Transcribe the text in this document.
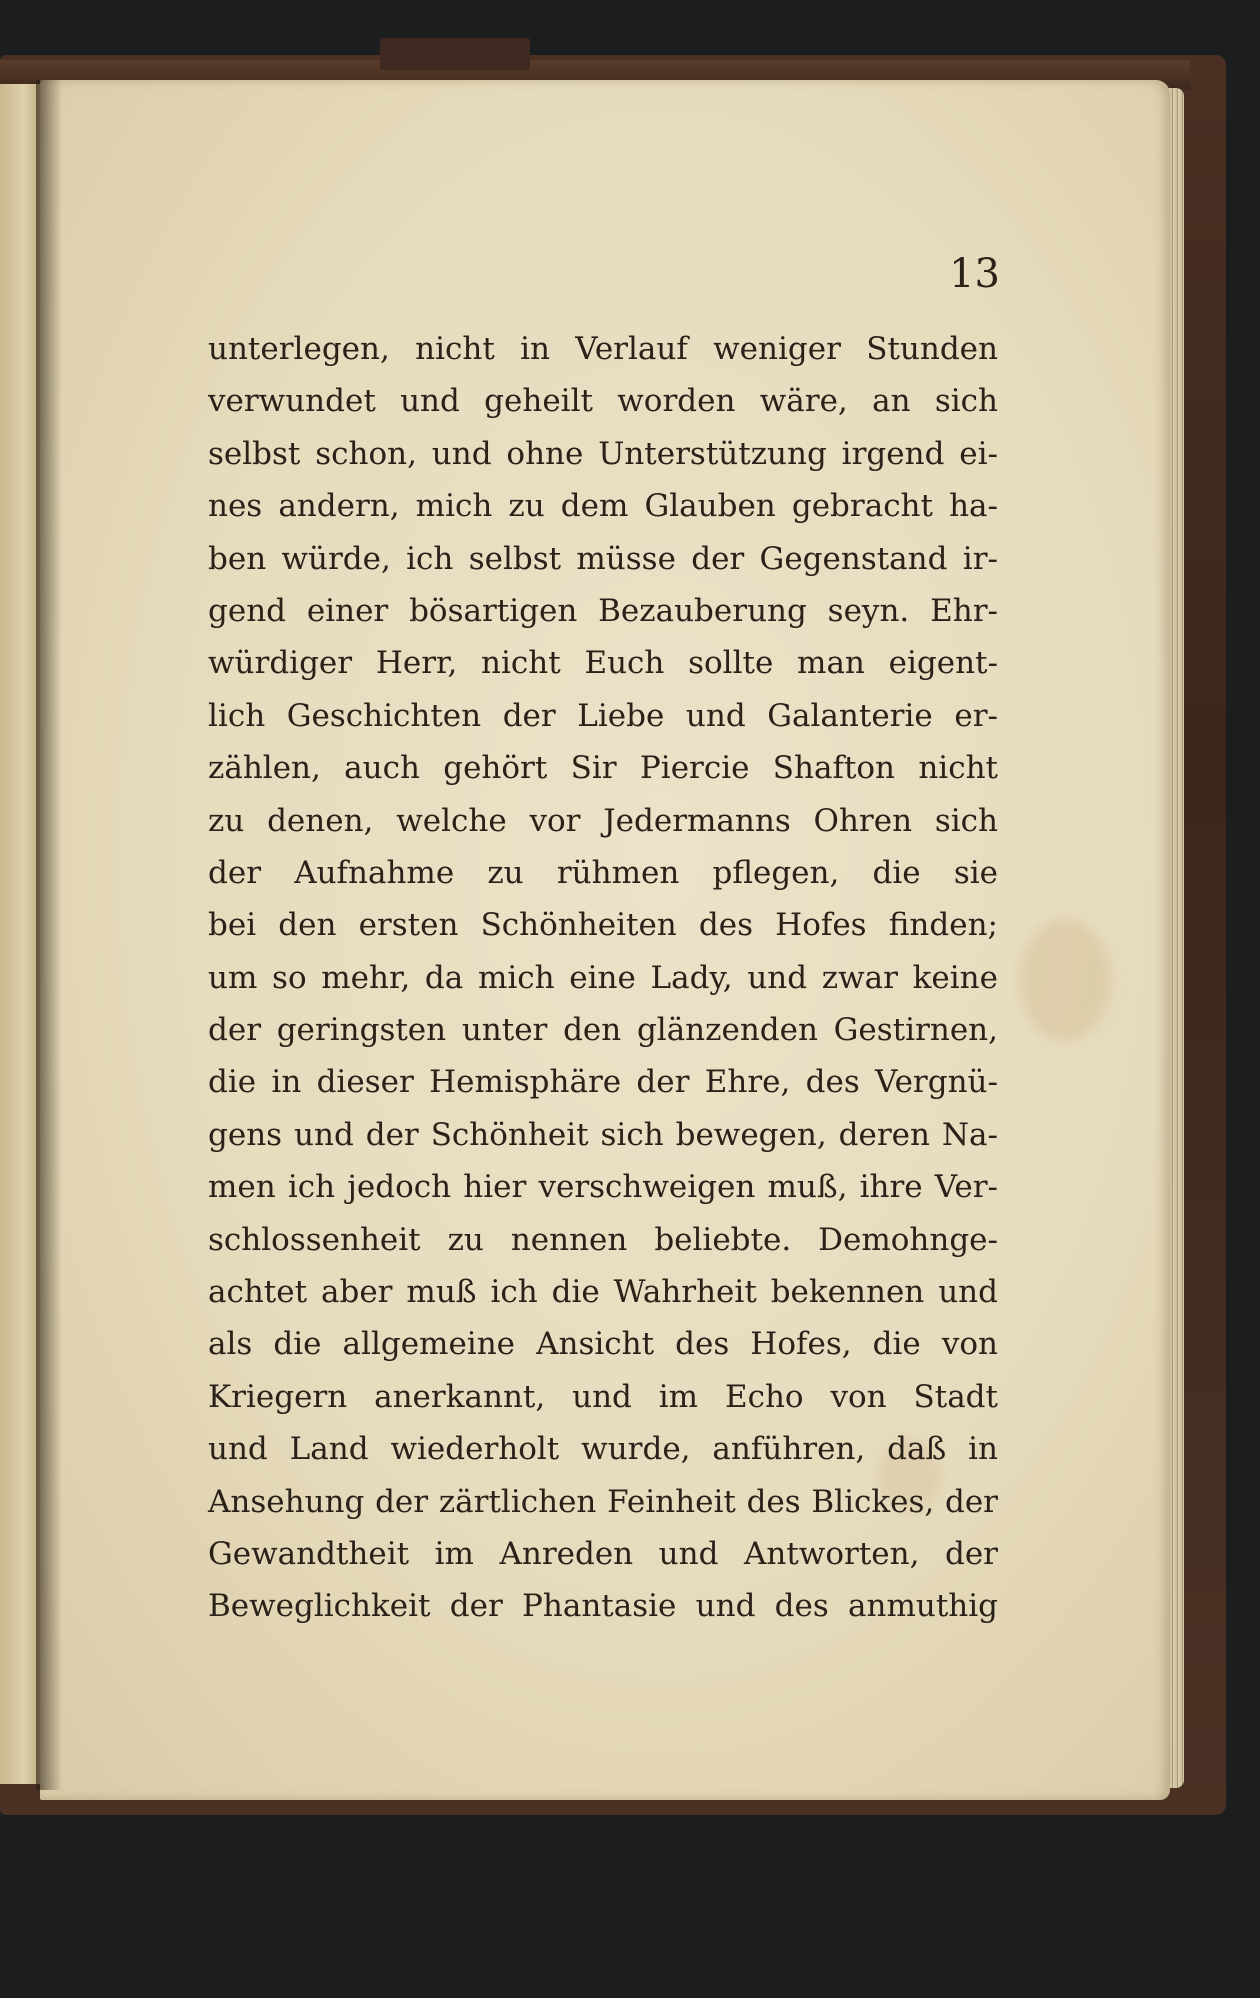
13
unterlegen, nicht in Verlauf weniger Stunden
verwundet und geheilt worden wäre, an sich
selbst schon, und ohne Unterstützung irgend ei-
nes andern, mich zu dem Glauben gebracht ha-
ben würde, ich selbst müsse der Gegenstand ir-
gend einer bösartigen Bezauberung seyn. Ehr-
würdiger Herr, nicht Euch sollte man eigent-
lich Geschichten der Liebe und Galanterie er-
zählen, auch gehört Sir Piercie Shafton nicht
zu denen, welche vor Jedermanns Ohren sich
der Aufnahme zu rühmen pflegen, die sie
bei den ersten Schönheiten des Hofes finden;
um so mehr, da mich eine Lady, und zwar keine
der geringsten unter den glänzenden Gestirnen,
die in dieser Hemisphäre der Ehre, des Vergnü-
gens und der Schönheit sich bewegen, deren Na-
men ich jedoch hier verschweigen muß, ihre Ver-
schlossenheit zu nennen beliebte. Demohnge-
achtet aber muß ich die Wahrheit bekennen und
als die allgemeine Ansicht des Hofes, die von
Kriegern anerkannt, und im Echo von Stadt
und Land wiederholt wurde, anführen, daß in
Ansehung der zärtlichen Feinheit des Blickes, der
Gewandtheit im Anreden und Antworten, der
Beweglichkeit der Phantasie und des anmuthig
